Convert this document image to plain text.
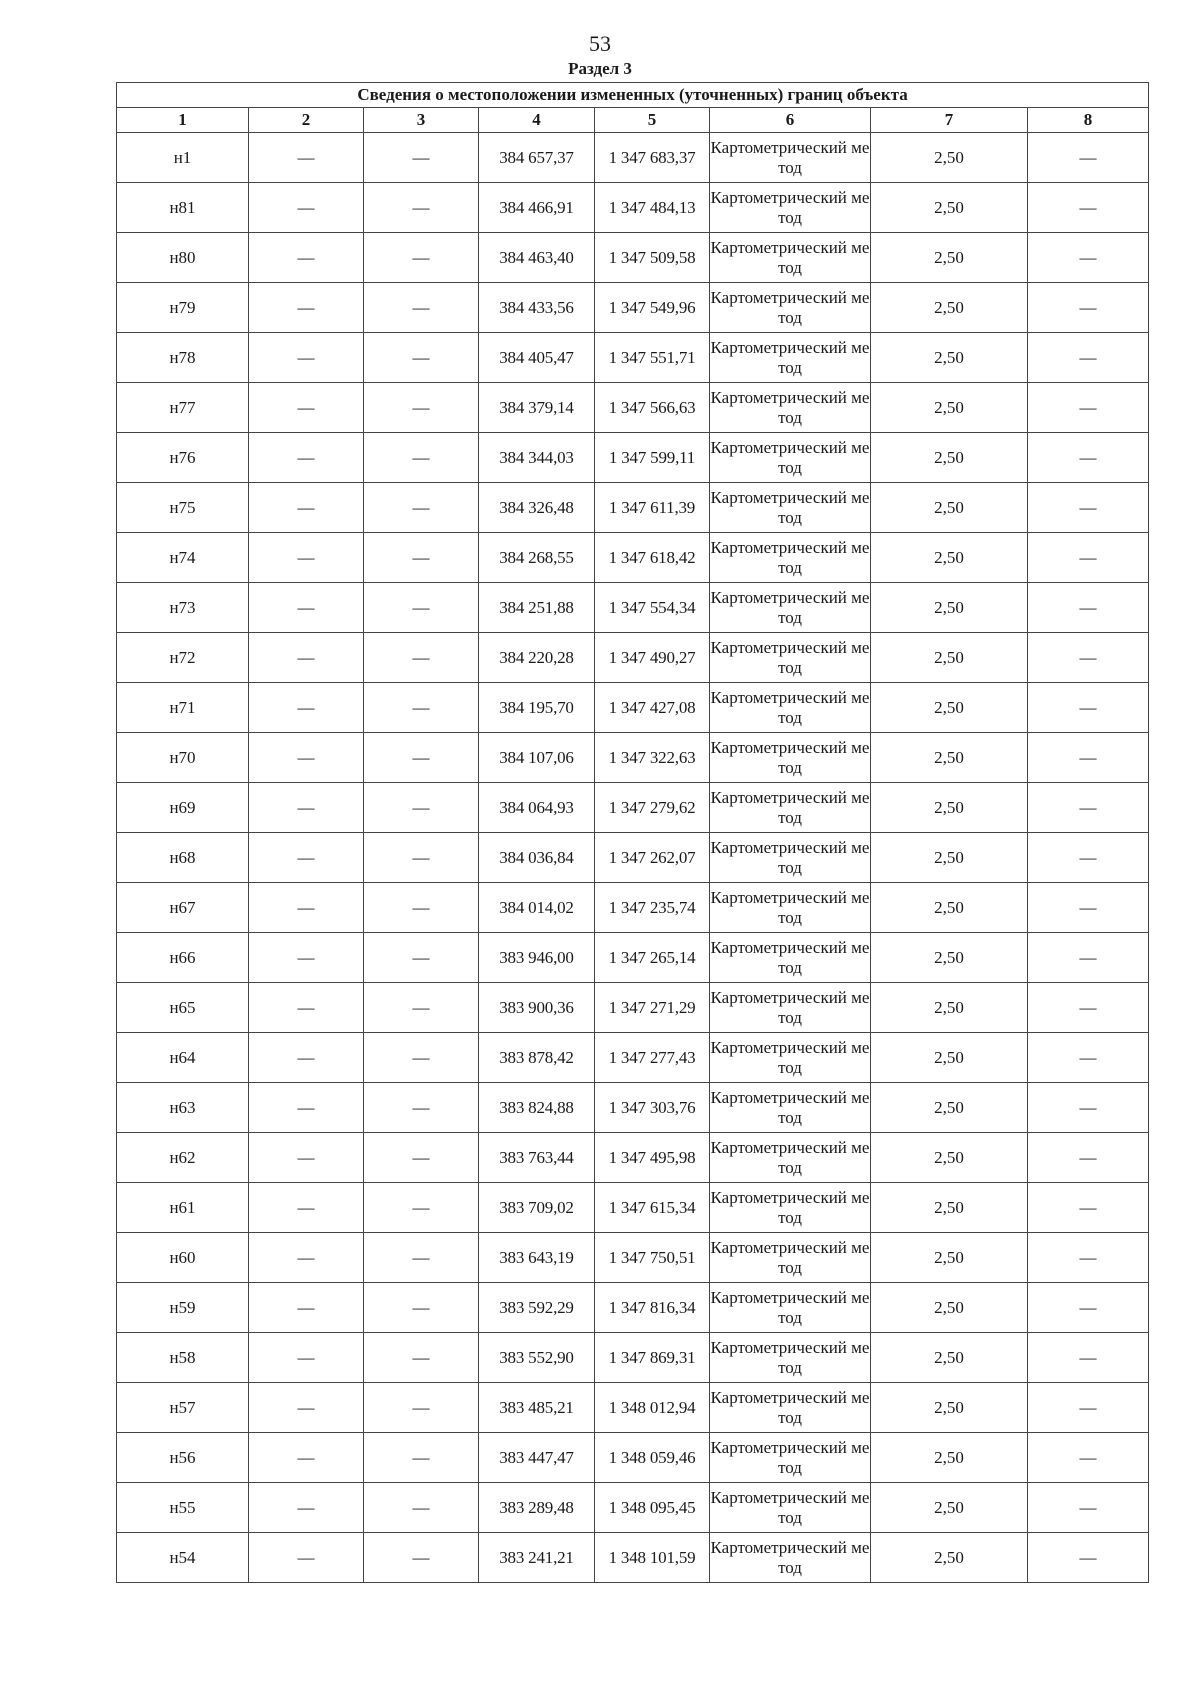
53
Раздел 3
Сведения о местоположении измененных (уточненных) границ объекта							
1	2	3	4	5	6	7	8
н1	—	—	384 657,37	1 347 683,37	Картометрический метод	2,50	—
н81	—	—	384 466,91	1 347 484,13	Картометрический метод	2,50	—
н80	—	—	384 463,40	1 347 509,58	Картометрический метод	2,50	—
н79	—	—	384 433,56	1 347 549,96	Картометрический метод	2,50	—
н78	—	—	384 405,47	1 347 551,71	Картометрический метод	2,50	—
н77	—	—	384 379,14	1 347 566,63	Картометрический метод	2,50	—
н76	—	—	384 344,03	1 347 599,11	Картометрический метод	2,50	—
н75	—	—	384 326,48	1 347 611,39	Картометрический метод	2,50	—
н74	—	—	384 268,55	1 347 618,42	Картометрический метод	2,50	—
н73	—	—	384 251,88	1 347 554,34	Картометрический метод	2,50	—
н72	—	—	384 220,28	1 347 490,27	Картометрический метод	2,50	—
н71	—	—	384 195,70	1 347 427,08	Картометрический метод	2,50	—
н70	—	—	384 107,06	1 347 322,63	Картометрический метод	2,50	—
н69	—	—	384 064,93	1 347 279,62	Картометрический метод	2,50	—
н68	—	—	384 036,84	1 347 262,07	Картометрический метод	2,50	—
н67	—	—	384 014,02	1 347 235,74	Картометрический метод	2,50	—
н66	—	—	383 946,00	1 347 265,14	Картометрический метод	2,50	—
н65	—	—	383 900,36	1 347 271,29	Картометрический метод	2,50	—
н64	—	—	383 878,42	1 347 277,43	Картометрический метод	2,50	—
н63	—	—	383 824,88	1 347 303,76	Картометрический метод	2,50	—
н62	—	—	383 763,44	1 347 495,98	Картометрический метод	2,50	—
н61	—	—	383 709,02	1 347 615,34	Картометрический метод	2,50	—
н60	—	—	383 643,19	1 347 750,51	Картометрический метод	2,50	—
н59	—	—	383 592,29	1 347 816,34	Картометрический метод	2,50	—
н58	—	—	383 552,90	1 347 869,31	Картометрический метод	2,50	—
н57	—	—	383 485,21	1 348 012,94	Картометрический метод	2,50	—
н56	—	—	383 447,47	1 348 059,46	Картометрический метод	2,50	—
н55	—	—	383 289,48	1 348 095,45	Картометрический метод	2,50	—
н54	—	—	383 241,21	1 348 101,59	Картометрический метод	2,50	—
